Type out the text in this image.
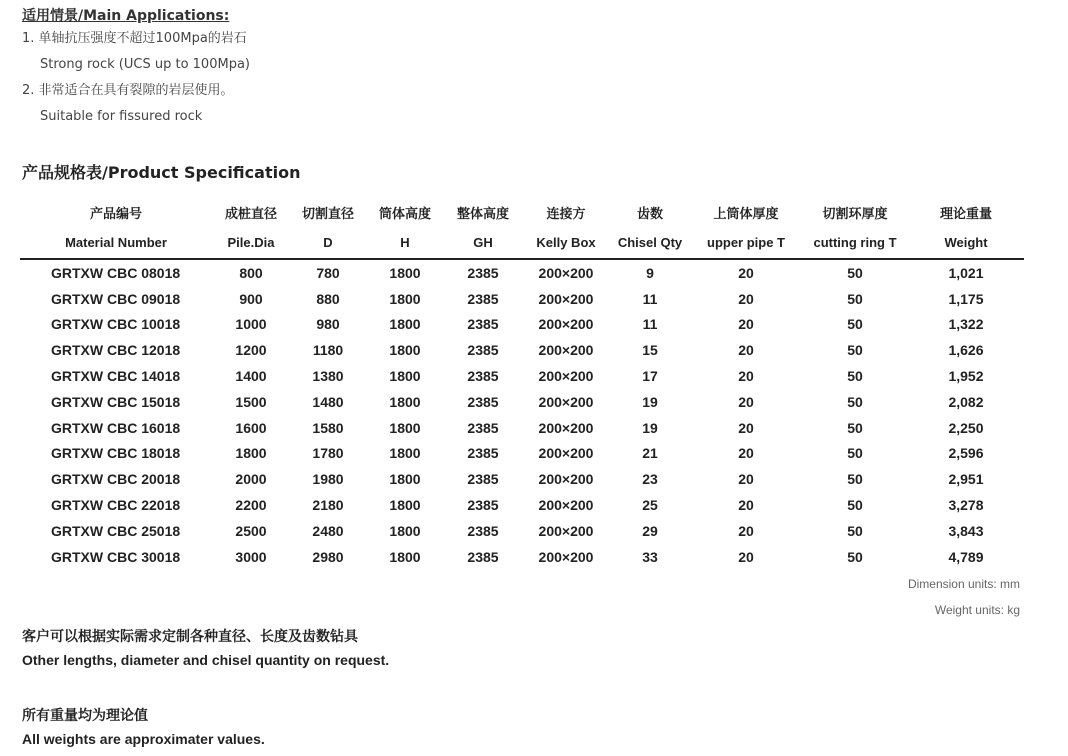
适用情景/Main Applications:
1. 单轴抗压强度不超过100Mpa的岩石
Strong rock (UCS up to 100Mpa)
2. 非常适合在具有裂隙的岩层使用。
Suitable for fissured rock
产品规格表/Product Specification
产品编号	成桩直径	切割直径	筒体高度	整体高度	连接方	齿数	上筒体厚度	切割环厚度	理论重量
Material Number	Pile.Dia	D	H	GH	Kelly Box	Chisel Qty	upper pipe T	cutting ring T	Weight
GRTXW CBC 08018	800	780	1800	2385	200×200	9	20	50	1,021
GRTXW CBC 09018	900	880	1800	2385	200×200	11	20	50	1,175
GRTXW CBC 10018	1000	980	1800	2385	200×200	11	20	50	1,322
GRTXW CBC 12018	1200	1180	1800	2385	200×200	15	20	50	1,626
GRTXW CBC 14018	1400	1380	1800	2385	200×200	17	20	50	1,952
GRTXW CBC 15018	1500	1480	1800	2385	200×200	19	20	50	2,082
GRTXW CBC 16018	1600	1580	1800	2385	200×200	19	20	50	2,250
GRTXW CBC 18018	1800	1780	1800	2385	200×200	21	20	50	2,596
GRTXW CBC 20018	2000	1980	1800	2385	200×200	23	20	50	2,951
GRTXW CBC 22018	2200	2180	1800	2385	200×200	25	20	50	3,278
GRTXW CBC 25018	2500	2480	1800	2385	200×200	29	20	50	3,843
GRTXW CBC 30018	3000	2980	1800	2385	200×200	33	20	50	4,789
Dimension units: mm
Weight units: kg
客户可以根据实际需求定制各种直径、长度及齿数钻具
Other lengths, diameter and chisel quantity on request.
所有重量均为理论值
All weights are approximater values.
